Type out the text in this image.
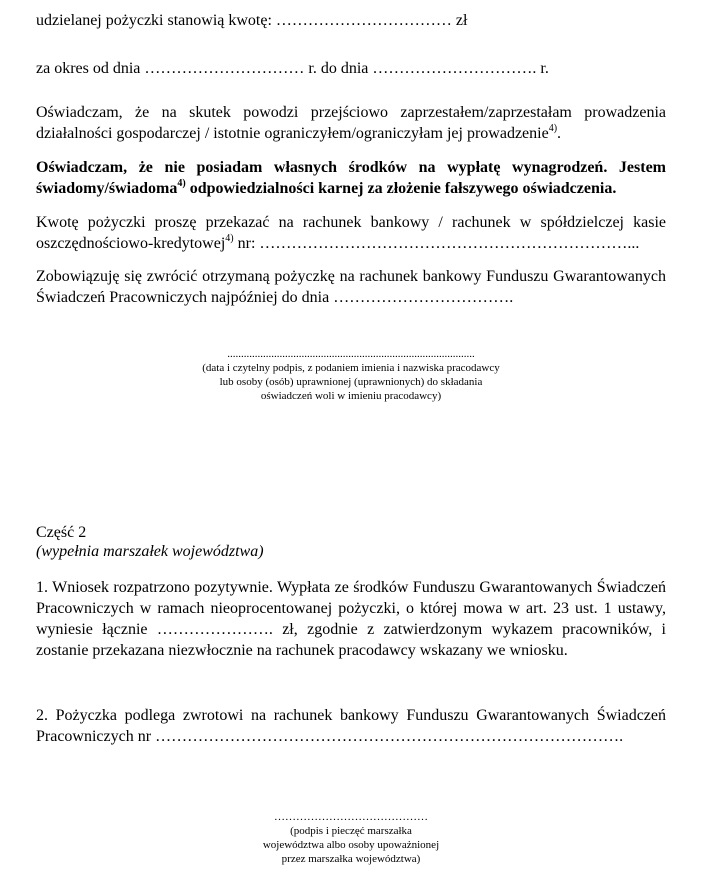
udzielanej pożyczki stanowią kwotę: …………………………… zł

za okres od dnia ………………………… r. do dnia …………………………. r.

Oświadczam, że na skutek powodzi przejściowo zaprzestałem/zaprzestałam prowadzenia działalności gospodarczej / istotnie ograniczyłem/ograniczyłam jej prowadzenie$^{4)}$.

Oświadczam, że nie posiadam własnych środków na wypłatę wynagrodzeń. Jestem świadomy/świadoma$^{4)}$ odpowiedzialności karnej za złożenie fałszywego oświadczenia.

Kwotę pożyczki proszę przekazać na rachunek bankowy / rachunek w spółdzielczej kasie oszczędnościowo-kredytowej$^{4)}$ nr: ……………………………………………………………...

Zobowiązuję się zwrócić otrzymaną pożyczkę na rachunek bankowy Funduszu Gwarantowanych Świadczeń Pracowniczych najpóźniej do dnia …………………………….

..........................................................................................
(data i czytelny podpis, z podaniem imienia i nazwiska pracodawcy
lub osoby (osób) uprawnionej (uprawnionych) do składania
oświadczeń woli w imieniu pracodawcy)

Część 2

(wypełnia marszałek województwa)

1. Wniosek rozpatrzono pozytywnie. Wypłata ze środków Funduszu Gwarantowanych Świadczeń Pracowniczych w ramach nieoprocentowanej pożyczki, o której mowa w art. 23 ust. 1 ustawy, wyniesie łącznie …………………. zł, zgodnie z zatwierdzonym wykazem pracowników, i zostanie przekazana niezwłocznie na rachunek pracodawcy wskazany we wniosku.

2. Pożyczka podlega zwrotowi na rachunek bankowy Funduszu Gwarantowanych Świadczeń Pracowniczych nr …………………………………………………………………………….

……………………………………
(podpis i pieczęć marszałka
województwa albo osoby upoważnionej
przez marszałka województwa)
